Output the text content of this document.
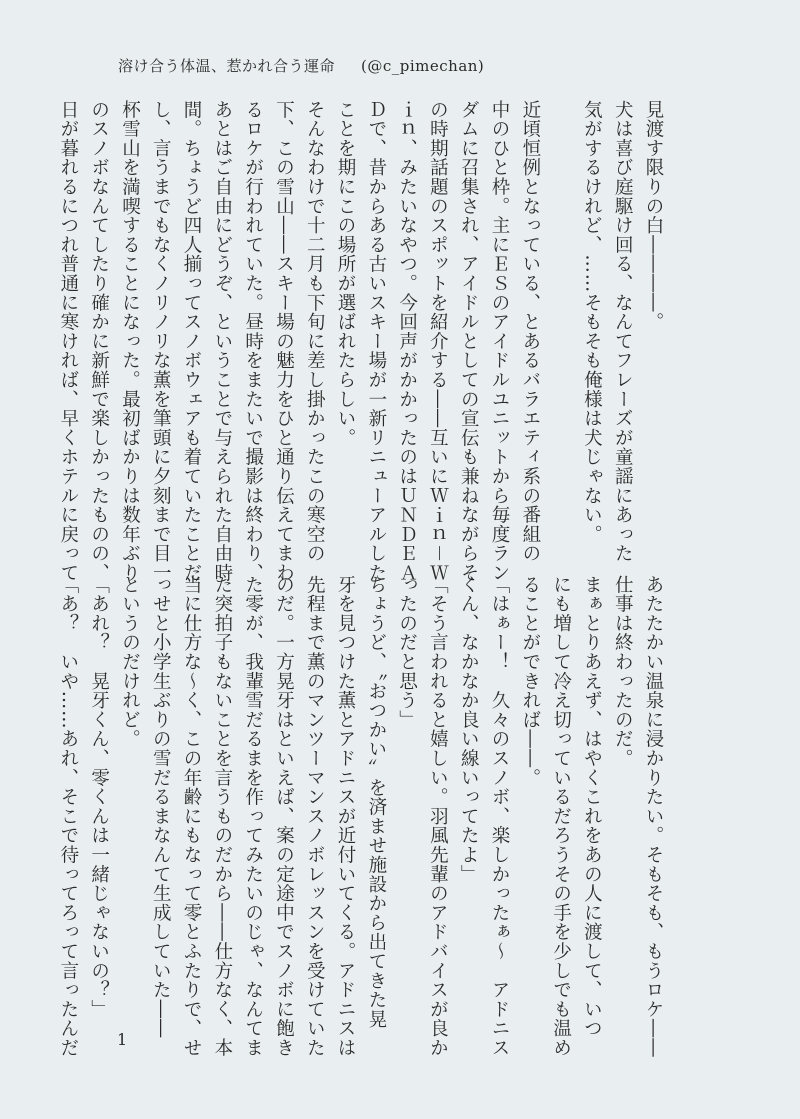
溶け合う体温、惹かれ合う運命 (@c_pimechan)
見渡す限りの白――――。
犬は喜び庭駆け回る、なんてフレーズが童謡にあった
気がするけれど、……そもそも俺様は犬じゃない。

近頃恒例となっている、とあるバラエティ系の番組の
中のひと枠。主にＥＳのアイドルユニットから毎度ラン
ダムに召集され、アイドルとしての宣伝も兼ねながらそ
の時期話題のスポットを紹介する――互いにＷｉｎ－Ｗ
ｉｎ、みたいなやつ。今回声がかかったのはＵＮＤＥＡ
Ｄで、昔からある古いスキー場が一新リニューアルした
ことを期にこの場所が選ばれたらしい。
そんなわけで十二月も下旬に差し掛かったこの寒空の
下、この雪山――スキー場の魅力をひと通り伝えてまわ
るロケが行われていた。昼時をまたいで撮影は終わり、
あとはご自由にどうぞ、ということで与えられた自由時
間。ちょうど四人揃ってスノボウェアも着ていたことだ
し、言うまでもなくノリノリな薫を筆頭に夕刻まで目一
杯雪山を満喫することになった。最初ばかりは数年ぶり
のスノボなんてしたり確かに新鮮で楽しかったものの、
日が暮れるにつれ普通に寒ければ、早くホテルに戻って
あたたかい温泉に浸かりたい。そもそも、もうロケ――
仕事は終わったのだ。
まぁとりあえず、はやくこれをあの人に渡して、いつ
にも増して冷え切っているだろうその手を少しでも温め
ることができれば――。
「はぁー！　久々のスノボ、楽しかったぁ〜　アドニス
くん、なかなか良い線いってたよ」
「そう言われると嬉しい。羽風先輩のアドバイスが良か
ったのだと思う」
ちょうど、〝おつかい〟を済ませ施設から出てきた晃
牙を見つけた薫とアドニスが近付いてくる。アドニスは
先程まで薫のマンツーマンスノボレッスンを受けていた
のだ。一方晃牙はといえば、案の定途中でスノボに飽き
た零が、我輩雪だるまを作ってみたいのじゃ、なんてま
た突拍子もないことを言うものだから――仕方なく、本
当に仕方な〜く、この年齢にもなって零とふたりで、せ
っせと小学生ぶりの雪だるまなんて生成していた――
というのだけれど。
「あれ？　晃牙くん、零くんは一緒じゃないの？」
「あ？　いや……あれ、そこで待ってろって言ったんだ 1
